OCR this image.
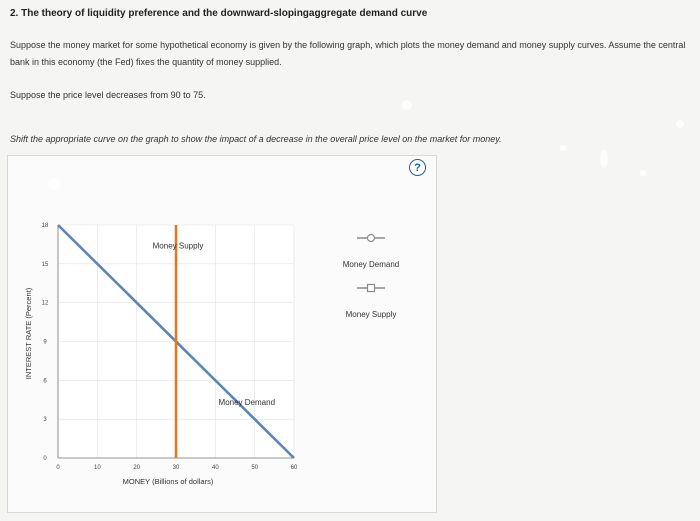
2. The theory of liquidity preference and the downward-slopingaggregate demand curve
Suppose the money market for some hypothetical economy is given by the following graph, which plots the money demand and money supply curves. Assume the central bank in this economy (the Fed) fixes the quantity of money supplied.
Suppose the price level decreases from 90 to 75.
Shift the appropriate curve on the graph to show the impact of a decrease in the overall price level on the market for money.
?
0	10	20	30	40	50	60
0
3
6
9
12
15
18
MONEY (Billions of dollars)
INTEREST RATE (Percent)
Money Supply
Money Demand
Money Demand
Money Supply
